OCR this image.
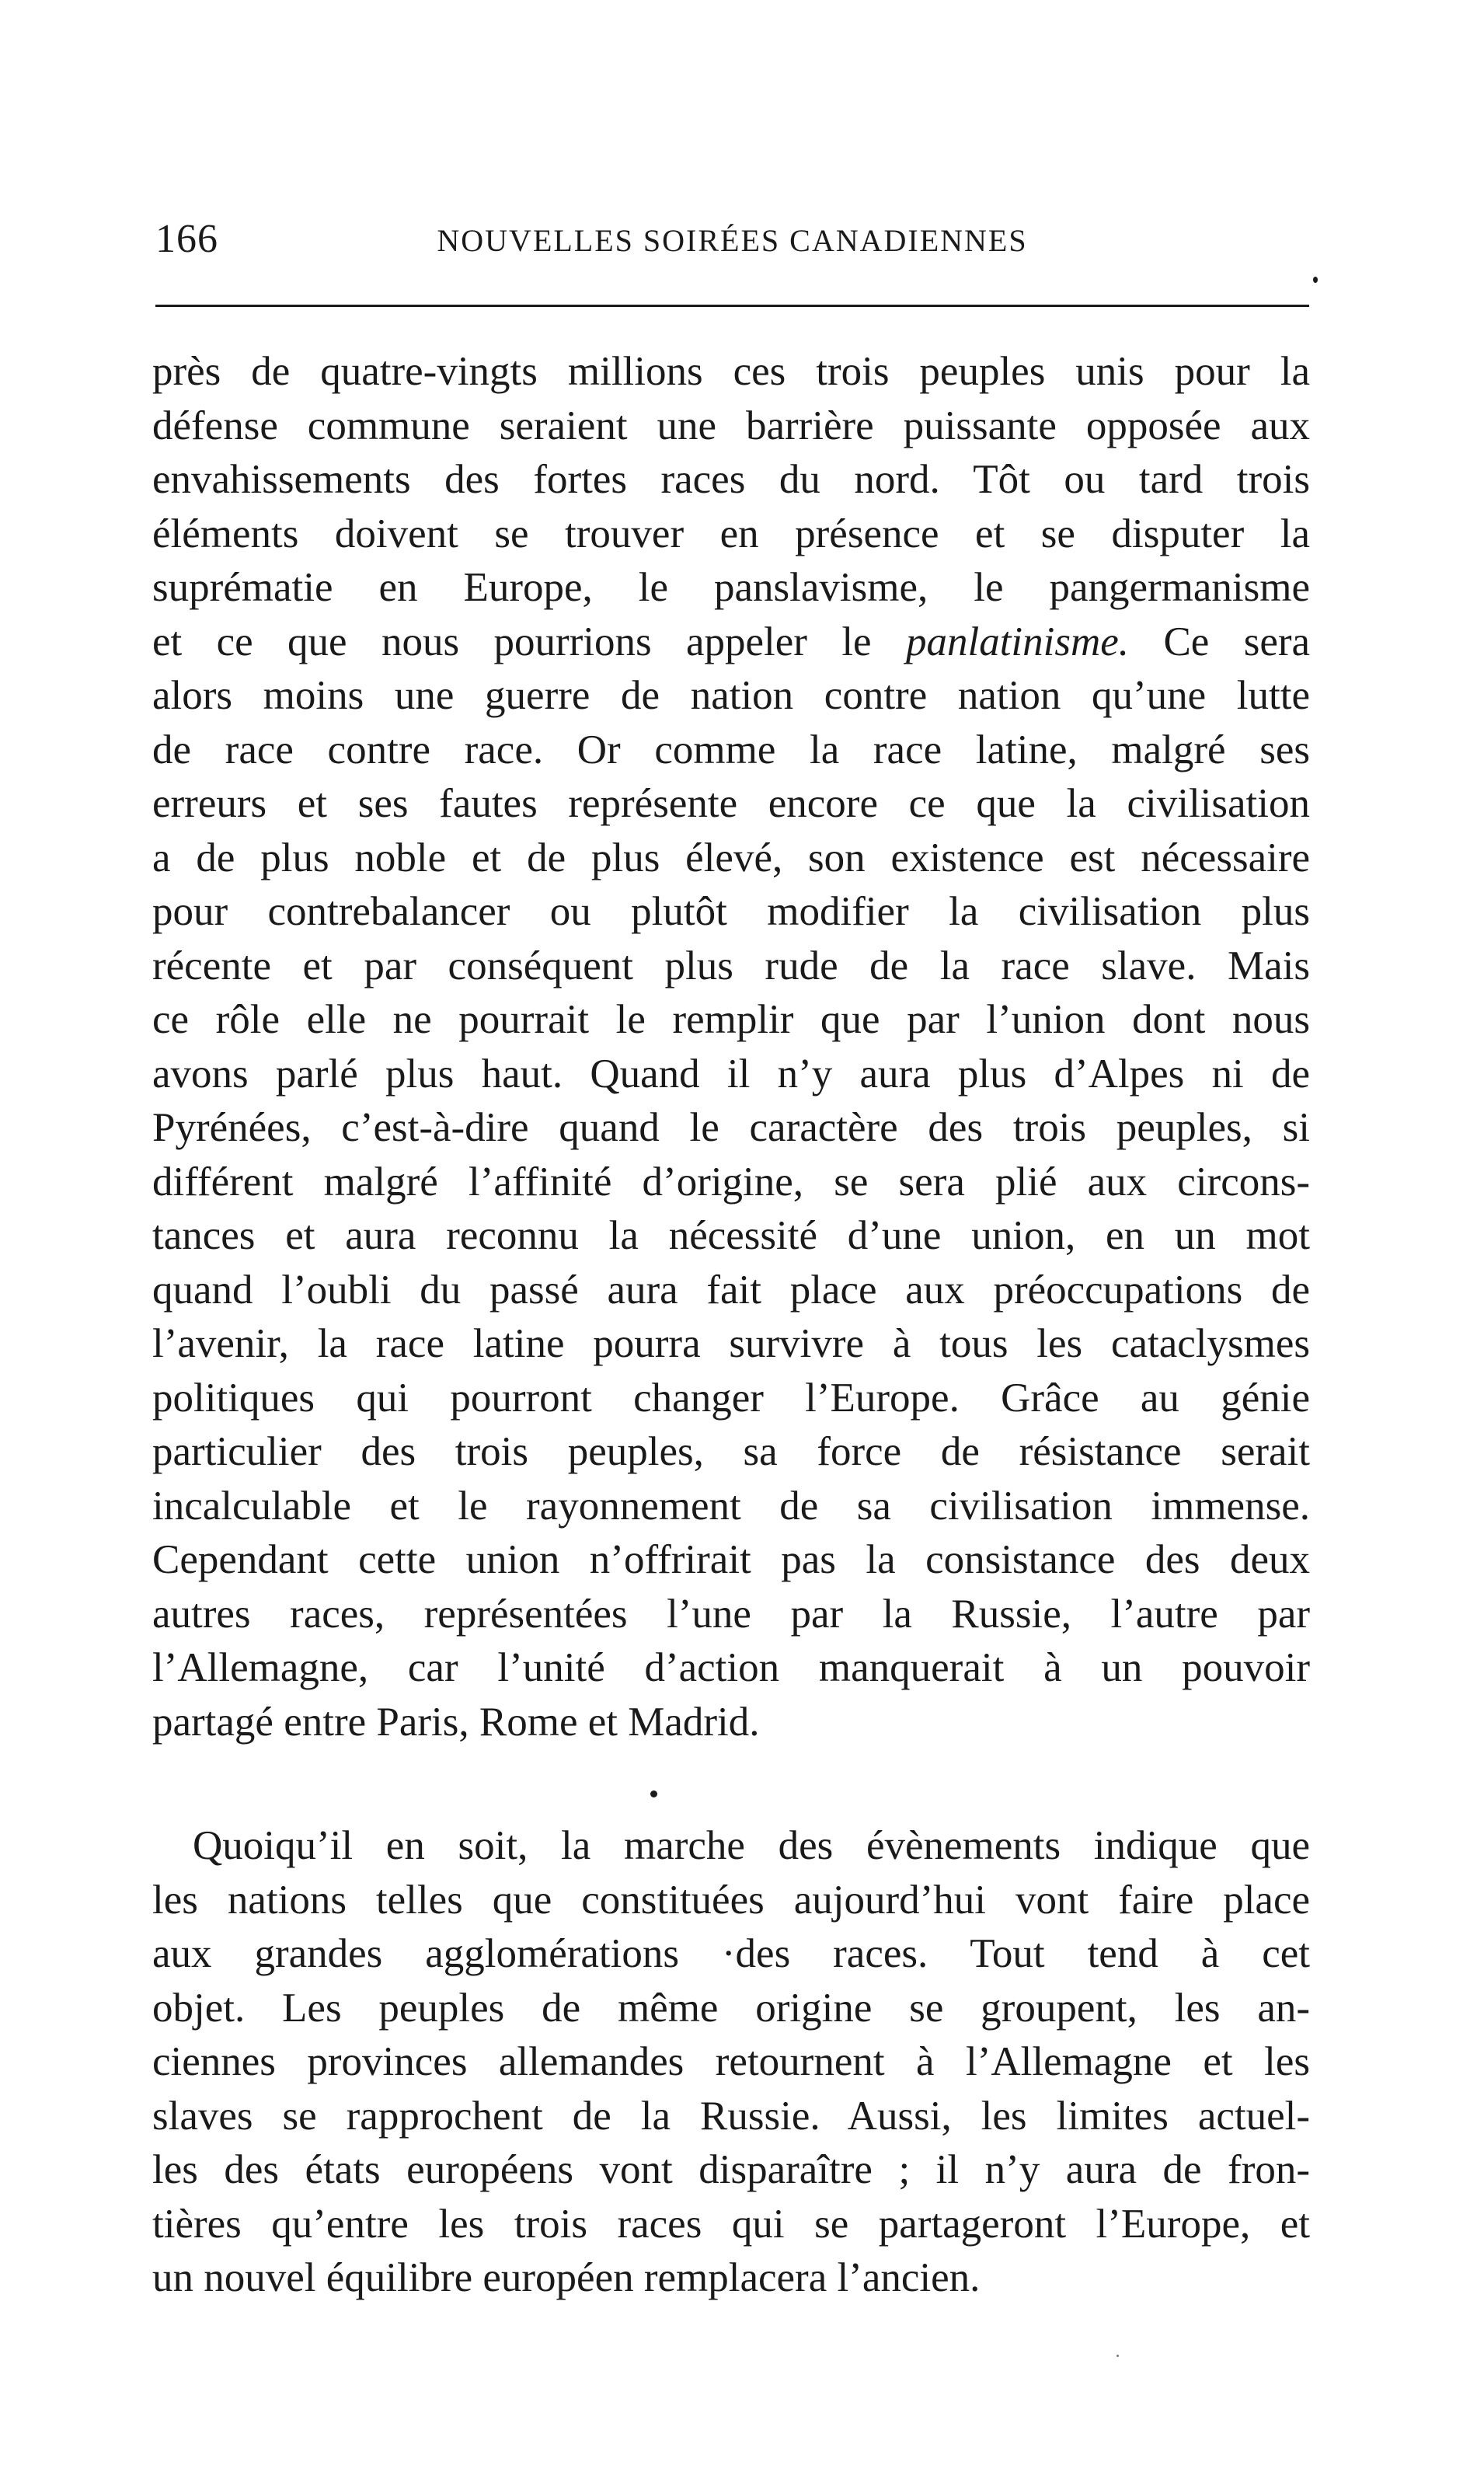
166	NOUVELLES SOIRÉES CANADIENNES
près de quatre-vingts millions ces trois peuples unis pour la
défense commune seraient une barrière puissante opposée aux
envahissements des fortes races du nord. Tôt ou tard trois
éléments doivent se trouver en présence et se disputer la
suprématie en Europe, le panslavisme, le pangermanisme
et ce que nous pourrions appeler le panlatinisme. Ce sera
alors moins une guerre de nation contre nation qu’une lutte
de race contre race. Or comme la race latine, malgré ses
erreurs et ses fautes représente encore ce que la civilisation
a de plus noble et de plus élevé, son existence est nécessaire
pour contrebalancer ou plutôt modifier la civilisation plus
récente et par conséquent plus rude de la race slave. Mais
ce rôle elle ne pourrait le remplir que par l’union dont nous
avons parlé plus haut. Quand il n’y aura plus d’Alpes ni de
Pyrénées, c’est-à-dire quand le caractère des trois peuples, si
différent malgré l’affinité d’origine, se sera plié aux circons-
tances et aura reconnu la nécessité d’une union, en un mot
quand l’oubli du passé aura fait place aux préoccupations de
l’avenir, la race latine pourra survivre à tous les cataclysmes
politiques qui pourront changer l’Europe. Grâce au génie
particulier des trois peuples, sa force de résistance serait
incalculable et le rayonnement de sa civilisation immense.
Cependant cette union n’offrirait pas la consistance des deux
autres races, représentées l’une par la Russie, l’autre par
l’Allemagne, car l’unité d’action manquerait à un pouvoir
partagé entre Paris, Rome et Madrid.
Quoiqu’il en soit, la marche des évènements indique que
les nations telles que constituées aujourd’hui vont faire place
aux grandes agglomérations ·des races. Tout tend à cet
objet. Les peuples de même origine se groupent, les an-
ciennes provinces allemandes retournent à l’Allemagne et les
slaves se rapprochent de la Russie. Aussi, les limites actuel-
les des états européens vont disparaître ; il n’y aura de fron-
tières qu’entre les trois races qui se partageront l’Europe, et
un nouvel équilibre européen remplacera l’ancien.
